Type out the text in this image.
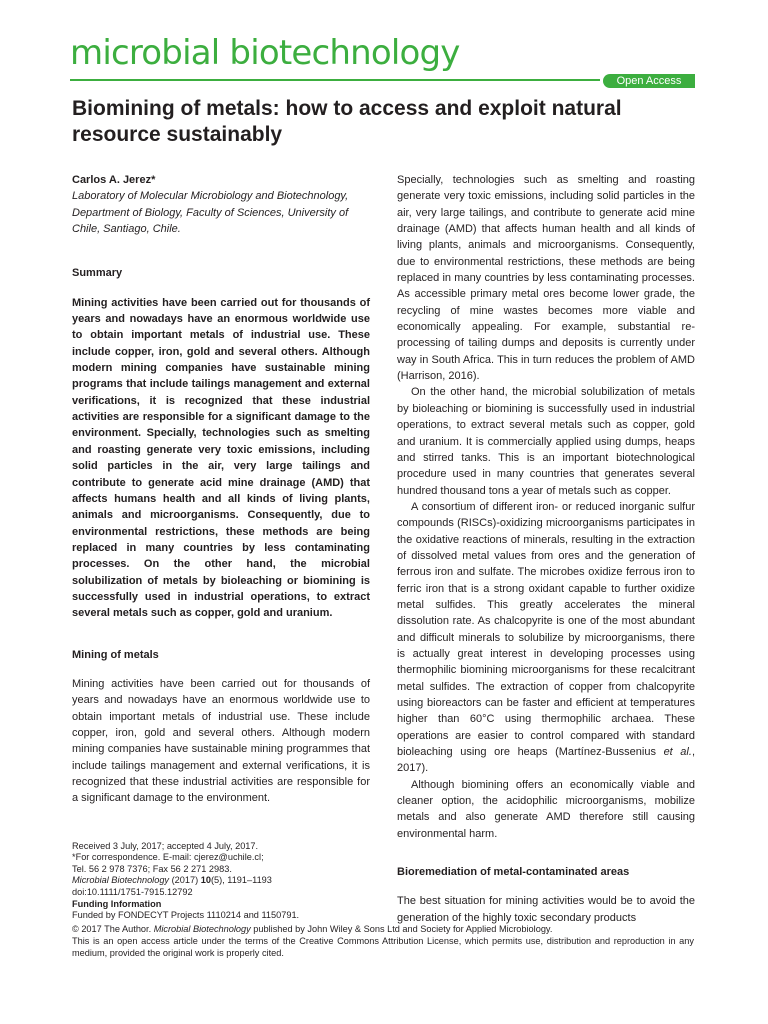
microbial biotechnology
Open Access
Biomining of metals: how to access and exploit natural resource sustainably

Carlos A. Jerez*

Laboratory of Molecular Microbiology and Biotechnology, Department of Biology, Faculty of Sciences, University of Chile, Santiago, Chile.

Summary

Mining activities have been carried out for thousands of years and nowadays have an enormous worldwide use to obtain important metals of industrial use. These include copper, iron, gold and several others. Although modern mining companies have sustainable mining programs that include tailings management and external verifications, it is recognized that these industrial activities are responsible for a significant damage to the environment. Specially, technologies such as smelting and roasting generate very toxic emissions, including solid particles in the air, very large tailings and contribute to generate acid mine drainage (AMD) that affects humans health and all kinds of living plants, animals and microorganisms. Consequently, due to environmental restrictions, these methods are being replaced in many countries by less contaminating processes. On the other hand, the microbial solubilization of metals by bioleaching or biomining is successfully used in industrial operations, to extract several metals such as copper, gold and uranium.

Mining of metals

Mining activities have been carried out for thousands of years and nowadays have an enormous worldwide use to obtain important metals of industrial use. These include copper, iron, gold and several others. Although modern mining companies have sustainable mining programmes that include tailings management and external verifications, it is recognized that these industrial activities are responsible for a significant damage to the environment.

Received 3 July, 2017; accepted 4 July, 2017.
*For correspondence. E-mail: cjerez@uchile.cl;
Tel. 56 2 978 7376; Fax 56 2 271 2983.
Microbial Biotechnology (2017) 10(5), 1191–1193
doi:10.1111/1751-7915.12792
Funding Information
Funded by FONDECYT Projects 1110214 and 1150791.

Specially, technologies such as smelting and roasting generate very toxic emissions, including solid particles in the air, very large tailings, and contribute to generate acid mine drainage (AMD) that affects human health and all kinds of living plants, animals and microorganisms. Consequently, due to environmental restrictions, these methods are being replaced in many countries by less contaminating processes. As accessible primary metal ores become lower grade, the recycling of mine wastes becomes more viable and economically appealing. For example, substantial re-processing of tailing dumps and deposits is currently under way in South Africa. This in turn reduces the problem of AMD (Harrison, 2016).

On the other hand, the microbial solubilization of metals by bioleaching or biomining is successfully used in industrial operations, to extract several metals such as copper, gold and uranium. It is commercially applied using dumps, heaps and stirred tanks. This is an important biotechnological procedure used in many countries that generates several hundred thousand tons a year of metals such as copper.

A consortium of different iron- or reduced inorganic sulfur compounds (RISCs)-oxidizing microorganisms participates in the oxidative reactions of minerals, resulting in the extraction of dissolved metal values from ores and the generation of ferrous iron and sulfate. The microbes oxidize ferrous iron to ferric iron that is a strong oxidant capable to further oxidize metal sulfides. This greatly accelerates the mineral dissolution rate. As chalcopyrite is one of the most abundant and difficult minerals to solubilize by microorganisms, there is actually great interest in developing processes using thermophilic biomining microorganisms for these recalcitrant metal sulfides. The extraction of copper from chalcopyrite using bioreactors can be faster and efficient at temperatures higher than 60°C using thermophilic archaea. These operations are easier to control compared with standard bioleaching using ore heaps (Martínez-Bussenius et al., 2017).

Although biomining offers an economically viable and cleaner option, the acidophilic microorganisms, mobilize metals and also generate AMD therefore still causing environmental harm.

Bioremediation of metal-contaminated areas

The best situation for mining activities would be to avoid the generation of the highly toxic secondary products

© 2017 The Author. Microbial Biotechnology published by John Wiley & Sons Ltd and Society for Applied Microbiology.
This is an open access article under the terms of the Creative Commons Attribution License, which permits use, distribution and reproduction in any medium, provided the original work is properly cited.
